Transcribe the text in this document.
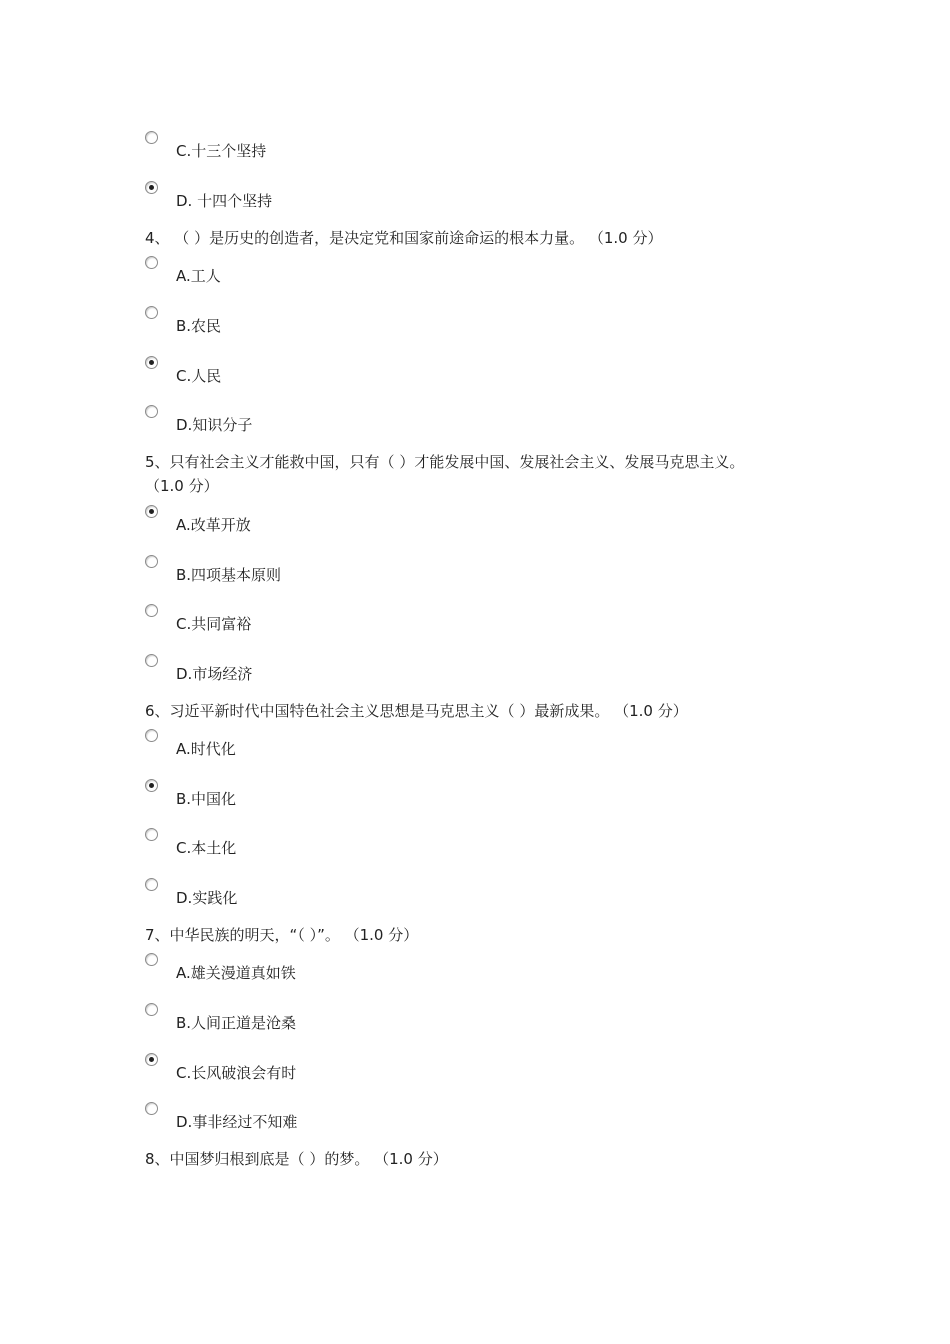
C.十三个坚持
D. 十四个坚持
4、 （ ）是历史的创造者，是决定党和国家前途命运的根本力量。 （1.0 分）
A.工人
B.农民
C.人民
D.知识分子
5、只有社会主义才能救中国，只有（ ）才能发展中国、发展社会主义、发展马克思主义。
（1.0 分）
A.改革开放
B.四项基本原则
C.共同富裕
D.市场经济
6、习近平新时代中国特色社会主义思想是马克思主义（ ）最新成果。 （1.0 分）
A.时代化
B.中国化
C.本土化
D.实践化
7、中华民族的明天，“（ ）”。 （1.0 分）
A.雄关漫道真如铁
B.人间正道是沧桑
C.长风破浪会有时
D.事非经过不知难
8、中国梦归根到底是（ ）的梦。 （1.0 分）
